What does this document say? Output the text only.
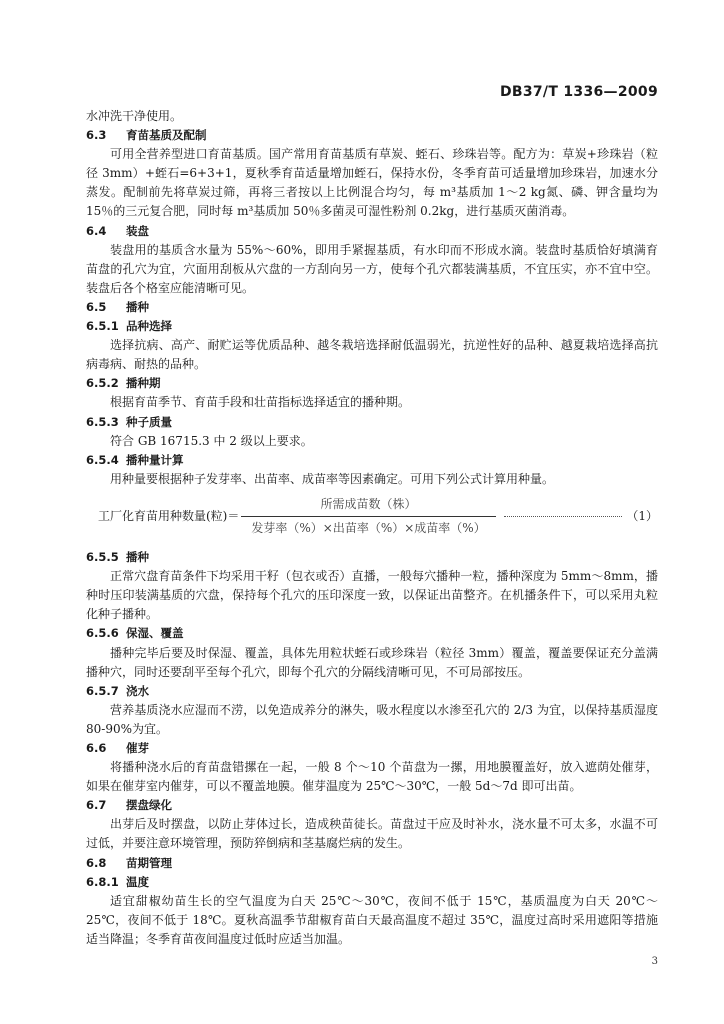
DB37/T 1336—2009

水冲洗干净使用。

6.3 育苗基质及配制

可用全营养型进口育苗基质。国产常用育苗基质有草炭、蛭石、珍珠岩等。配方为：草炭+珍珠岩（粒径 3mm）+蛭石=6+3+1，夏秋季育苗适量增加蛭石，保持水份，冬季育苗可适量增加珍珠岩，加速水分蒸发。配制前先将草炭过筛，再将三者按以上比例混合均匀，每 m³基质加 1～2 kg氮、磷、钾含量均为 15％的三元复合肥，同时每 m³基质加 50％多菌灵可湿性粉剂 0.2kg，进行基质灭菌消毒。

6.4 装盘

装盘用的基质含水量为 55%～60%，即用手紧握基质，有水印而不形成水滴。装盘时基质恰好填满育苗盘的孔穴为宜，穴面用刮板从穴盘的一方刮向另一方，使每个孔穴都装满基质，不宜压实，亦不宜中空。装盘后各个格室应能清晰可见。

6.5 播种
6.5.1 品种选择

选择抗病、高产、耐贮运等优质品种、越冬栽培选择耐低温弱光，抗逆性好的品种、越夏栽培选择高抗病毒病、耐热的品种。

6.5.2 播种期

根据育苗季节、育苗手段和壮苗指标选择适宜的播种期。

6.5.3 种子质量

符合 GB 16715.3 中 2 级以上要求。

6.5.4 播种量计算

用种量要根据种子发芽率、出苗率、成苗率等因素确定。可用下列公式计算用种量。

工厂化育苗用种数量(粒)＝ $\frac{\text{所需成苗数（株）}}{\text{发芽率（\%）×出苗率（\%）×成苗率（\%）}}$	（1）
6.5.5 播种

正常穴盘育苗条件下均采用干籽（包衣或否）直播，一般每穴播种一粒，播种深度为 5mm～8mm，播种时压印装满基质的穴盘，保持每个孔穴的压印深度一致，以保证出苗整齐。在机播条件下，可以采用丸粒化种子播种。

6.5.6 保湿、覆盖

播种完毕后要及时保湿、覆盖，具体先用粒状蛭石或珍珠岩（粒径 3mm）覆盖，覆盖要保证充分盖满播种穴，同时还要刮平至每个孔穴，即每个孔穴的分隔线清晰可见，不可局部按压。

6.5.7 浇水

营养基质浇水应湿而不涝，以免造成养分的淋失，吸水程度以水渗至孔穴的 2/3 为宜，以保持基质湿度 80-90%为宜。

6.6 催芽

将播种浇水后的育苗盘错摞在一起，一般 8 个～10 个苗盘为一摞，用地膜覆盖好，放入遮荫处催芽，如果在催芽室内催芽，可以不覆盖地膜。催芽温度为 25℃～30℃，一般 5d～7d 即可出苗。

6.7 摆盘绿化

出芽后及时摆盘，以防止芽体过长，造成秧苗徒长。苗盘过干应及时补水，浇水量不可太多，水温不可过低，并要注意环境管理，预防猝倒病和茎基腐烂病的发生。

6.8 苗期管理
6.8.1 温度

适宜甜椒幼苗生长的空气温度为白天 25℃～30℃，夜间不低于 15℃，基质温度为白天 20℃～25℃，夜间不低于 18℃。夏秋高温季节甜椒育苗白天最高温度不超过 35℃，温度过高时采用遮阳等措施适当降温；冬季育苗夜间温度过低时应适当加温。

3
